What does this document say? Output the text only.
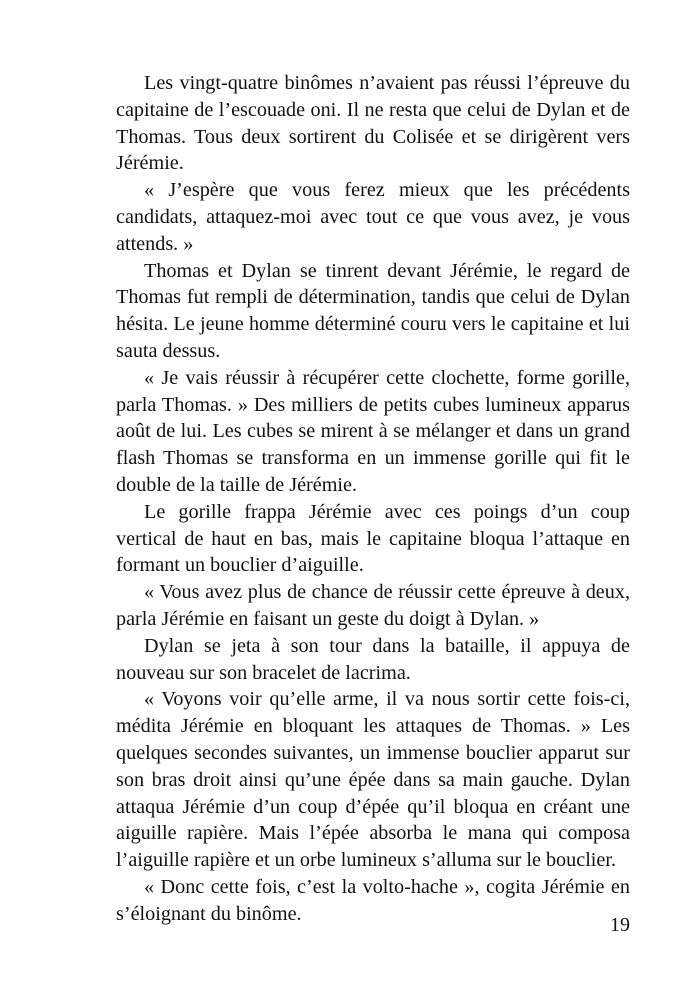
Les vingt-quatre binômes n’avaient pas réussi l’épreuve du capitaine de l’escouade oni. Il ne resta que celui de Dylan et de Thomas. Tous deux sortirent du Colisée et se dirigèrent vers Jérémie.

« J’espère que vous ferez mieux que les précédents candidats, attaquez-moi avec tout ce que vous avez, je vous attends. »

Thomas et Dylan se tinrent devant Jérémie, le regard de Thomas fut rempli de détermination, tandis que celui de Dylan hésita. Le jeune homme déterminé couru vers le capitaine et lui sauta dessus.

« Je vais réussir à récupérer cette clochette, forme gorille, parla Thomas. » Des milliers de petits cubes lumineux apparus août de lui. Les cubes se mirent à se mélanger et dans un grand flash Thomas se transforma en un immense gorille qui fit le double de la taille de Jérémie.

Le gorille frappa Jérémie avec ces poings d’un coup vertical de haut en bas, mais le capitaine bloqua l’attaque en formant un bouclier d’aiguille.

« Vous avez plus de chance de réussir cette épreuve à deux, parla Jérémie en faisant un geste du doigt à Dylan. »

Dylan se jeta à son tour dans la bataille, il appuya de nouveau sur son bracelet de lacrima.

« Voyons voir qu’elle arme, il va nous sortir cette fois-ci, médita Jérémie en bloquant les attaques de Thomas. » Les quelques secondes suivantes, un immense bouclier apparut sur son bras droit ainsi qu’une épée dans sa main gauche. Dylan attaqua Jérémie d’un coup d’épée qu’il bloqua en créant une aiguille rapière. Mais l’épée absorba le mana qui composa l’aiguille rapière et un orbe lumineux s’alluma sur le bouclier.

« Donc cette fois, c’est la volto-hache », cogita Jérémie en s’éloignant du binôme.

19
